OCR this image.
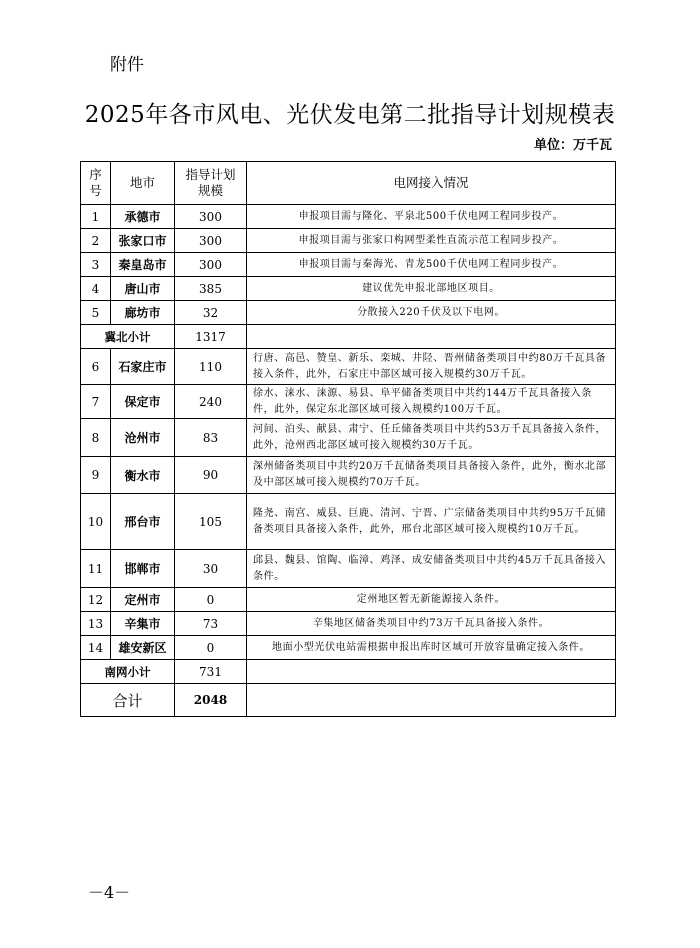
附件
2025年各市风电、光伏发电第二批指导计划规模表
单位：万千瓦
序号	地市	指导计划规模	电网接入情况
1	承德市	300	申报项目需与隆化、平泉北500千伏电网工程同步投产。
2	张家口市	300	申报项目需与张家口构网型柔性直流示范工程同步投产。
3	秦皇岛市	300	申报项目需与秦海光、青龙500千伏电网工程同步投产。
4	唐山市	385	建议优先申报北部地区项目。
5	廊坊市	32	分散接入220千伏及以下电网。
冀北小计		1317	
6	石家庄市	110	行唐、高邑、赞皇、新乐、栾城、井陉、晋州储备类项目中约80万千瓦具备接入条件，此外，石家庄中部区域可接入规模约30万千瓦。
7	保定市	240	徐水、涞水、涞源、易县、阜平储备类项目中共约144万千瓦具备接入条件，此外，保定东北部区域可接入规模约100万千瓦。
8	沧州市	83	河间、泊头、献县、肃宁、任丘储备类项目中共约53万千瓦具备接入条件，此外，沧州西北部区域可接入规模约30万千瓦。
9	衡水市	90	深州储备类项目中共约20万千瓦储备类项目具备接入条件，此外，衡水北部及中部区域可接入规模约70万千瓦。
10	邢台市	105	隆尧、南宫、威县、巨鹿、清河、宁晋、广宗储备类项目中共约95万千瓦储备类项目具备接入条件，此外，邢台北部区域可接入规模约10万千瓦。
11	邯郸市	30	邱县、魏县、馆陶、临漳、鸡泽、成安储备类项目中共约45万千瓦具备接入条件。
12	定州市	0	定州地区暂无新能源接入条件。
13	辛集市	73	辛集地区储备类项目中约73万千瓦具备接入条件。
14	雄安新区	0	地面小型光伏电站需根据申报出库时区域可开放容量确定接入条件。
南网小计		731	
合计		2048	
－4－
